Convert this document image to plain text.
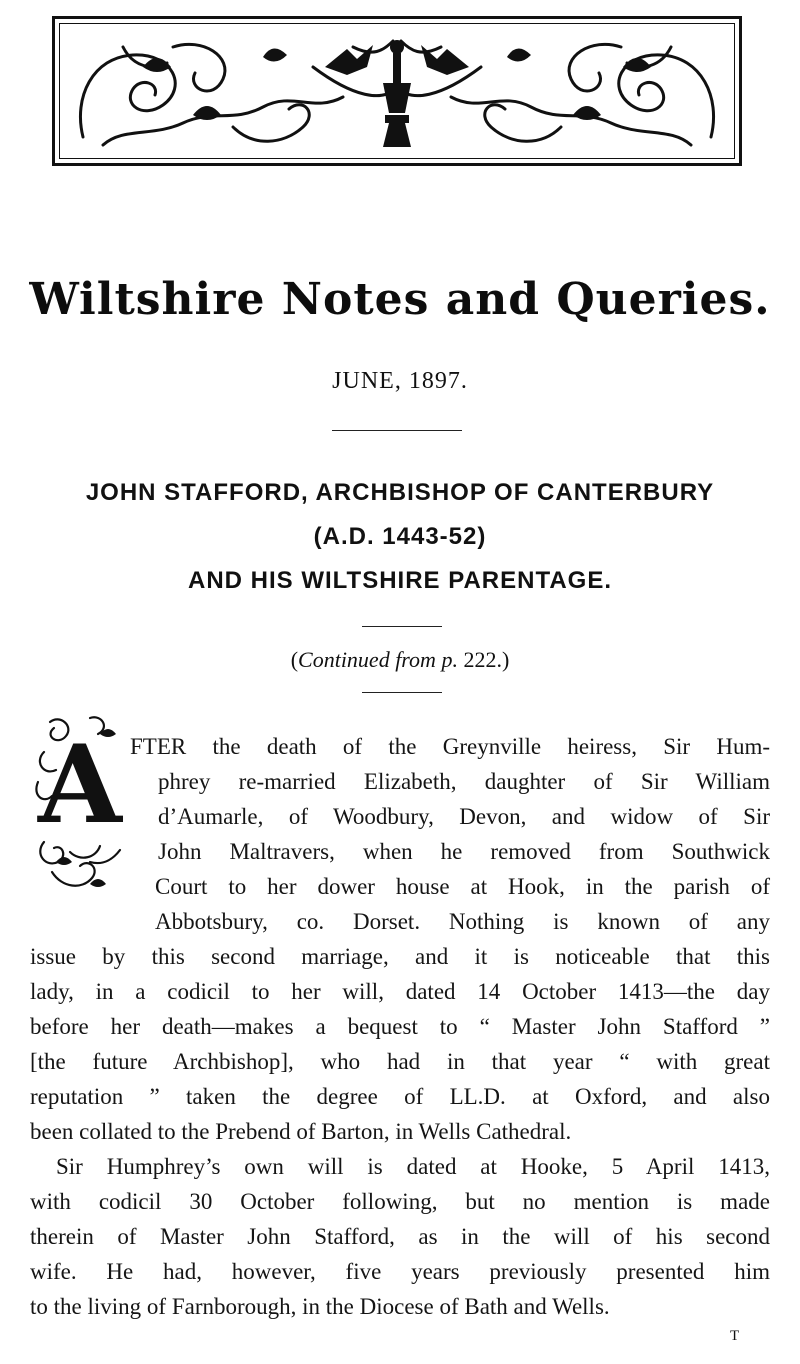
Wiltshire Notes and Queries.
JUNE, 1897.
JOHN STAFFORD, ARCHBISHOP OF CANTERBURY
(A.D. 1443-52)
AND HIS WILTSHIRE PARENTAGE.
(Continued from p. 222.)
A FTER the death of the Greynville heiress, Sir Hum-
phrey re-married Elizabeth, daughter of Sir William
d’Aumarle, of Woodbury, Devon, and widow of Sir
John Maltravers, when he removed from Southwick
Court to her dower house at Hook, in the parish of
Abbotsbury, co. Dorset. Nothing is known of any
issue by this second marriage, and it is noticeable that this
lady, in a codicil to her will, dated 14 October 1413—the day
before her death—makes a bequest to “ Master John Stafford ”
[the future Archbishop], who had in that year “ with great
reputation ” taken the degree of LL.D. at Oxford, and also
been collated to the Prebend of Barton, in Wells Cathedral.
Sir Humphrey’s own will is dated at Hooke, 5 April 1413,
with codicil 30 October following, but no mention is made
therein of Master John Stafford, as in the will of his second
wife. He had, however, five years previously presented him
to the living of Farnborough, in the Diocese of Bath and Wells.
T
